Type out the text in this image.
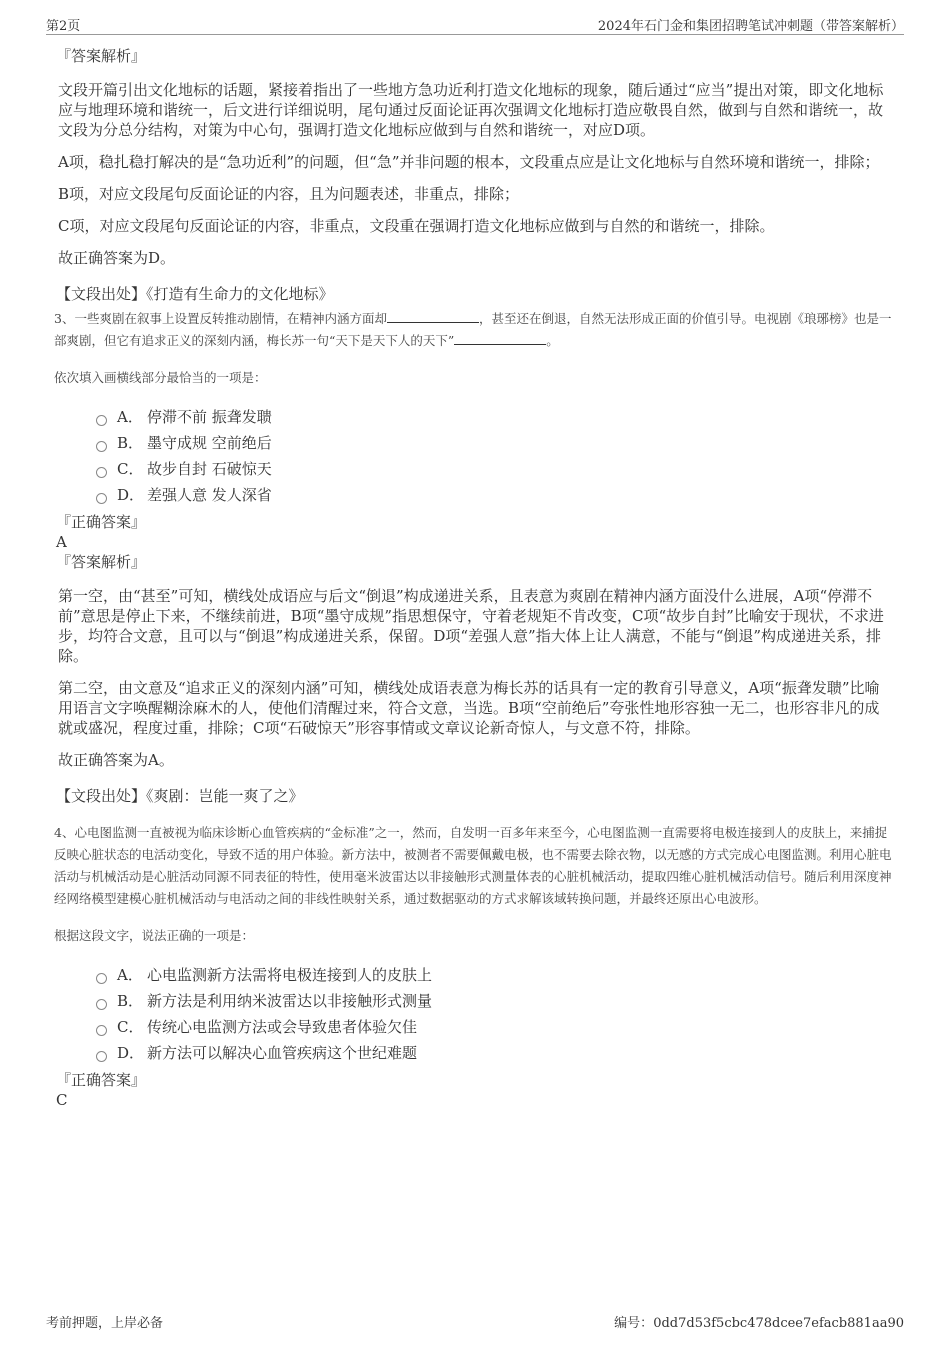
第2页	2024年石门金和集团招聘笔试冲刺题（带答案解析）

『答案解析』

文段开篇引出文化地标的话题，紧接着指出了一些地方急功近利打造文化地标的现象，随后通过“应当”提出对策，即文化地标应与地理环境和谐统一，后文进行详细说明，尾句通过反面论证再次强调文化地标打造应敬畏自然，做到与自然和谐统一，故文段为分总分结构，对策为中心句，强调打造文化地标应做到与自然和谐统一，对应D项。

A项，稳扎稳打解决的是“急功近利”的问题，但“急”并非问题的根本，文段重点应是让文化地标与自然环境和谐统一，排除；

B项，对应文段尾句反面论证的内容，且为问题表述，非重点，排除；

C项，对应文段尾句反面论证的内容，非重点，文段重在强调打造文化地标应做到与自然的和谐统一，排除。

故正确答案为D。

【文段出处】《打造有生命力的文化地标》

3、一些爽剧在叙事上设置反转推动剧情，在精神内涵方面却	，甚至还在倒退，自然无法形成正面的价值引导。电视剧《琅琊榜》也是一部爽剧，但它有追求正义的深刻内涵，梅长苏一句“天下是天下人的天下”	。

依次填入画横线部分最恰当的一项是：

A． 停滞不前 振聋发聩
B． 墨守成规 空前绝后
C． 故步自封 石破惊天
D． 差强人意 发人深省

『正确答案』

A

『答案解析』

第一空，由“甚至”可知，横线处成语应与后文“倒退”构成递进关系，且表意为爽剧在精神内涵方面没什么进展，A项“停滞不前”意思是停止下来，不继续前进，B项“墨守成规”指思想保守，守着老规矩不肯改变，C项“故步自封”比喻安于现状，不求进步，均符合文意，且可以与“倒退”构成递进关系，保留。D项“差强人意”指大体上让人满意，不能与“倒退”构成递进关系，排除。

第二空，由文意及“追求正义的深刻内涵”可知，横线处成语表意为梅长苏的话具有一定的教育引导意义，A项“振聋发聩”比喻用语言文字唤醒糊涂麻木的人，使他们清醒过来，符合文意，当选。B项“空前绝后”夸张性地形容独一无二，也形容非凡的成就或盛况，程度过重，排除；C项“石破惊天”形容事情或文章议论新奇惊人，与文意不符，排除。

故正确答案为A。

【文段出处】《爽剧：岂能一爽了之》

4、心电图监测一直被视为临床诊断心血管疾病的“金标准”之一，然而，自发明一百多年来至今，心电图监测一直需要将电极连接到人的皮肤上，来捕捉反映心脏状态的电活动变化，导致不适的用户体验。新方法中，被测者不需要佩戴电极，也不需要去除衣物，以无感的方式完成心电图监测。利用心脏电活动与机械活动是心脏活动同源不同表征的特性，使用毫米波雷达以非接触形式测量体表的心脏机械活动，提取四维心脏机械活动信号。随后利用深度神经网络模型建模心脏机械活动与电活动之间的非线性映射关系，通过数据驱动的方式求解该域转换问题，并最终还原出心电波形。

根据这段文字，说法正确的一项是：

A． 心电监测新方法需将电极连接到人的皮肤上
B． 新方法是利用纳米波雷达以非接触形式测量
C． 传统心电监测方法或会导致患者体验欠佳
D． 新方法可以解决心血管疾病这个世纪难题

『正确答案』

C

考前押题，上岸必备	编号：0dd7d53f5cbc478dcee7efacb881aa90
